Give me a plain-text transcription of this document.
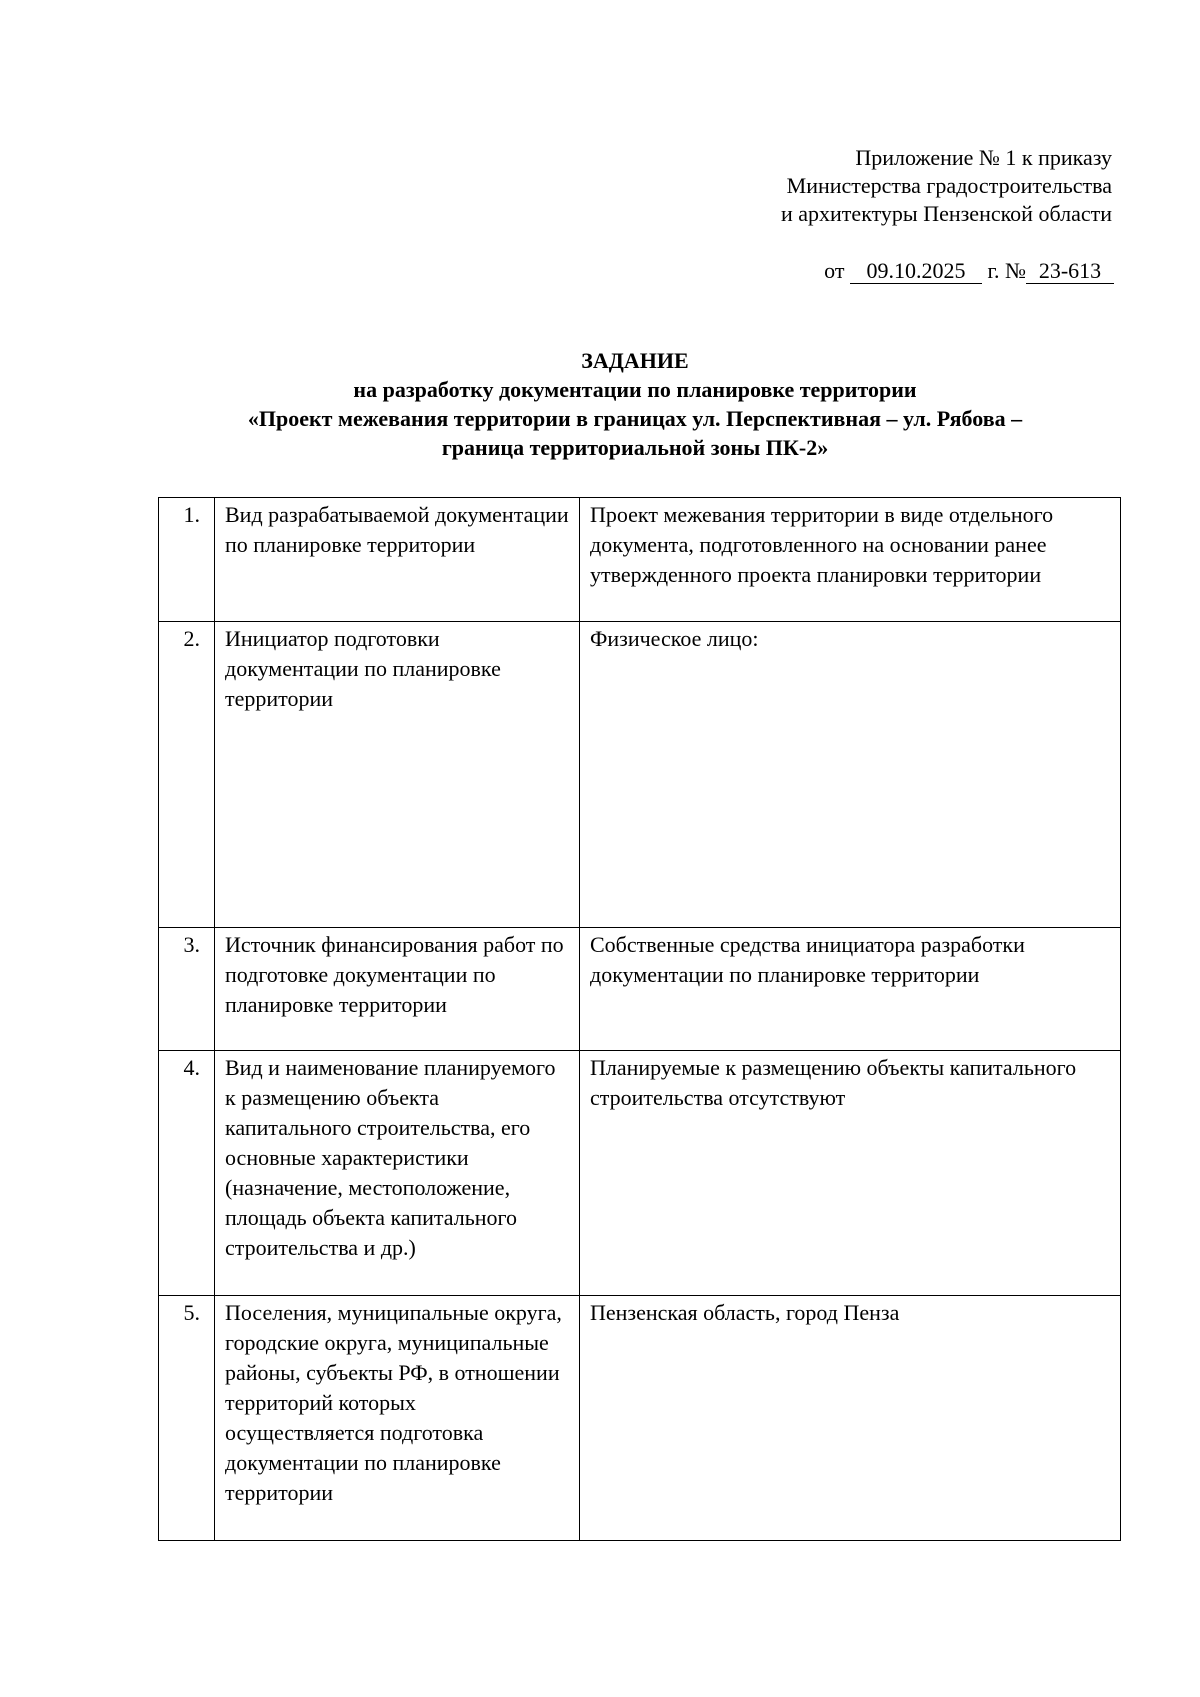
Приложение № 1 к приказу
Министерства градостроительства
и архитектуры Пензенской области
от 09.10.2025 г. № 23-613
ЗАДАНИЕ
на разработку документации по планировке территории
«Проект межевания территории в границах ул. Перспективная – ул. Рябова –
граница территориальной зоны ПК-2»
1.	Вид разрабатываемой документации по планировке территории	Проект межевания территории в виде отдельного документа, подготовленного на основании ранее утвержденного проекта планировки территории
2.	Инициатор подготовки документации по планировке территории	Физическое лицо:
3.	Источник финансирования работ по подготовке документации по планировке территории	Собственные средства инициатора разработки документации по планировке территории
4.	Вид и наименование планируемого к размещению объекта капитального строительства, его основные характеристики (назначение, местоположение, площадь объекта капитального строительства и др.)	Планируемые к размещению объекты капитального строительства отсутствуют
5.	Поселения, муниципальные округа, городские округа, муниципальные районы, субъекты РФ, в отношении территорий которых осуществляется подготовка документации по планировке территории	Пензенская область, город Пенза
